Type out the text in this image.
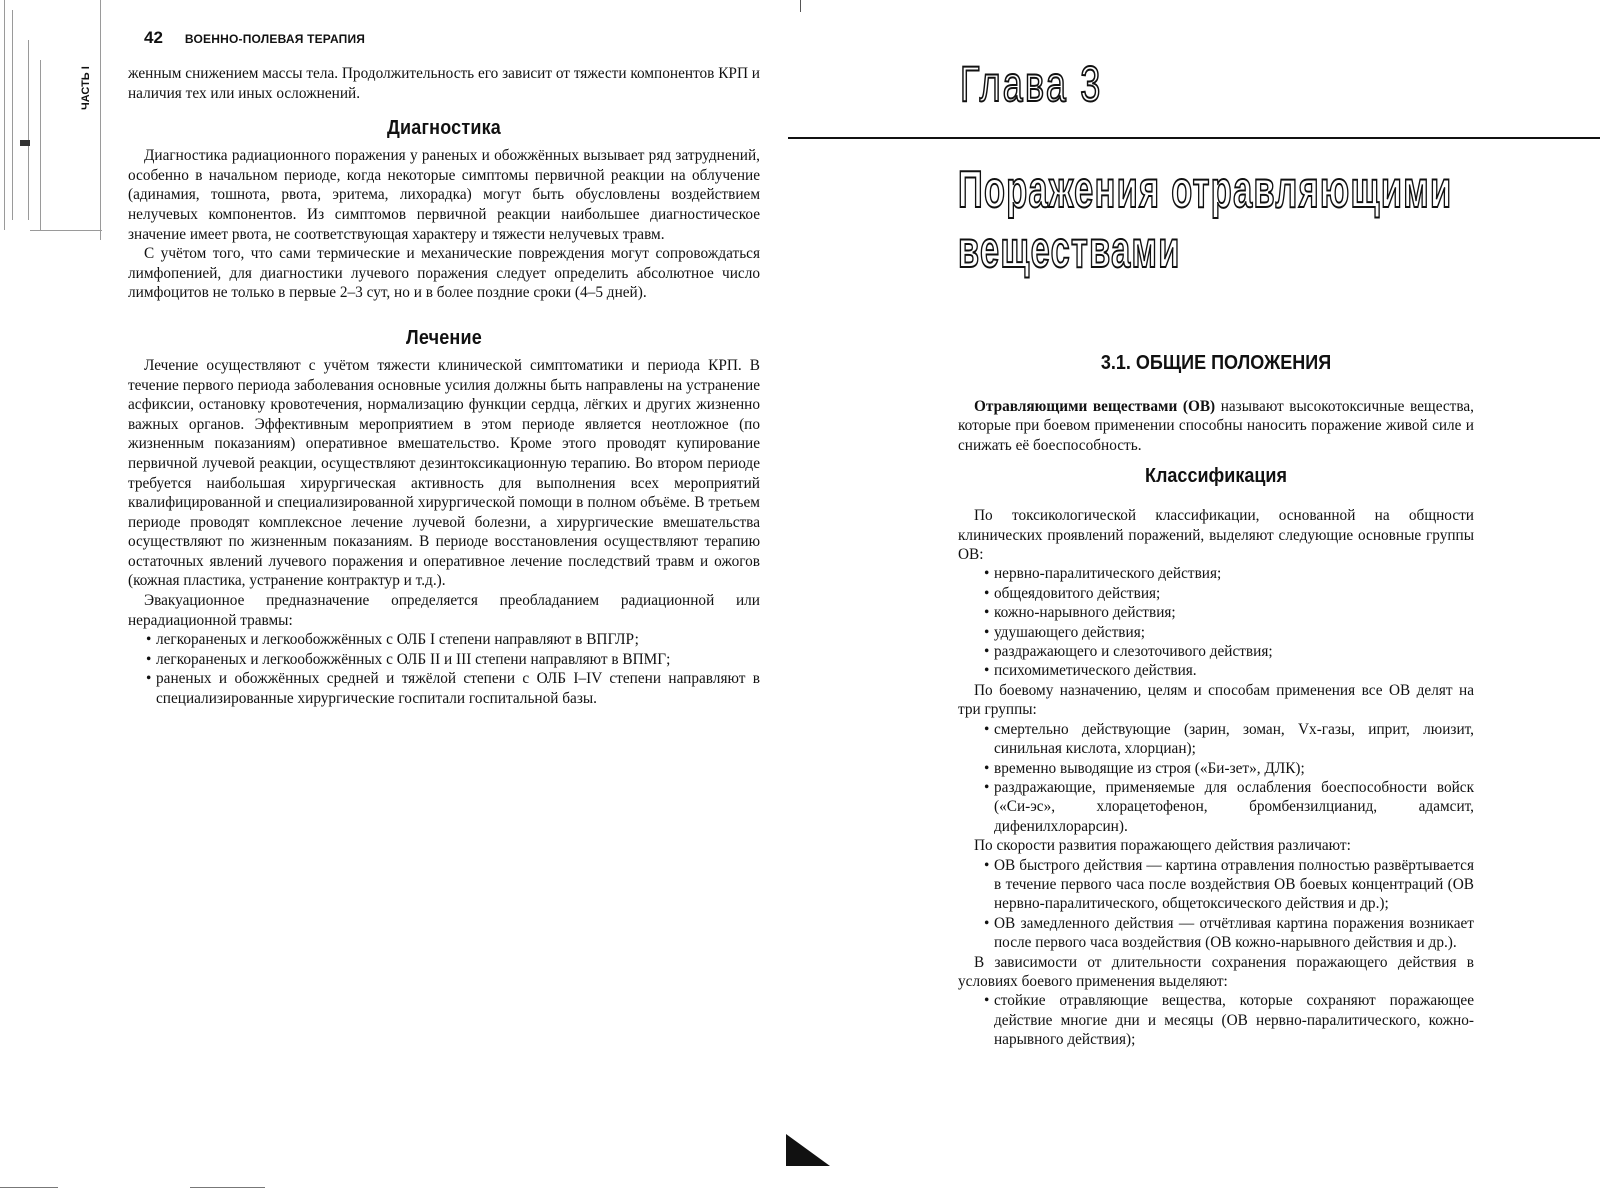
ЧАСТЬ I
42 ВОЕННО-ПОЛЕВАЯ ТЕРАПИЯ

женным снижением массы тела. Продолжительность его зависит от тяжести компонентов КРП и наличия тех или иных осложнений.

Диагностика

Диагностика радиационного поражения у раненых и обожжённых вызывает ряд затруднений, особенно в начальном периоде, когда некоторые симптомы первичной реакции на облучение (адинамия, тошнота, рвота, эритема, лихорадка) могут быть обусловлены воздействием нелучевых компонентов. Из симптомов первичной реакции наибольшее диагностическое значение имеет рвота, не соответствующая характеру и тяжести нелучевых травм.

С учётом того, что сами термические и механические повреждения могут сопровождаться лимфопенией, для диагностики лучевого поражения следует определить абсолютное число лимфоцитов не только в первые 2–3 сут, но и в более поздние сроки (4–5 дней).

Лечение

Лечение осуществляют с учётом тяжести клинической симптоматики и периода КРП. В течение первого периода заболевания основные усилия должны быть направлены на устранение асфиксии, остановку кровотечения, нормализацию функции сердца, лёгких и других жизненно важных органов. Эффективным мероприятием в этом периоде является неотложное (по жизненным показаниям) оперативное вмешательство. Кроме этого проводят купирование первичной лучевой реакции, осуществляют дезинтоксикационную терапию. Во втором периоде требуется наибольшая хирургическая активность для выполнения всех мероприятий квалифицированной и специализированной хирургической помощи в полном объёме. В третьем периоде проводят комплексное лечение лучевой болезни, а хирургические вмешательства осуществляют по жизненным показаниям. В периоде восстановления осуществляют терапию остаточных явлений лучевого поражения и оперативное лечение последствий травм и ожогов (кожная пластика, устранение контрактур и т.д.).

Эвакуационное предназначение определяется преобладанием радиационной или нерадиационной травмы:

• легкораненых и легкообожжённых с ОЛБ I степени направляют в ВПГЛР;
• легкораненых и легкообожжённых с ОЛБ II и III степени направляют в ВПМГ;
• раненых и обожжённых средней и тяжёлой степени с ОЛБ I–IV степени направляют в специализированные хирургические госпитали госпитальной базы.
Глава 3
Поражения отравляющими
веществами
3.1. ОБЩИЕ ПОЛОЖЕНИЯ

Отравляющими веществами (ОВ) называют высокотоксичные вещества, которые при боевом применении способны наносить поражение живой силе и снижать её боеспособность.

Классификация

По токсикологической классификации, основанной на общности клинических проявлений поражений, выделяют следующие основные группы ОВ:

• нервно-паралитического действия;
• общеядовитого действия;
• кожно-нарывного действия;
• удушающего действия;
• раздражающего и слезоточивого действия;
• психомиметического действия.

По боевому назначению, целям и способам применения все ОВ делят на три группы:

• смертельно действующие (зарин, зоман, Vx-газы, иприт, люизит, синильная кислота, хлорциан);
• временно выводящие из строя («Би-зет», ДЛК);
• раздражающие, применяемые для ослабления боеспособности войск («Си-эс», хлорацетофенон, бромбензилцианид, адамсит, дифенилхлорарсин).

По скорости развития поражающего действия различают:

• ОВ быстрого действия — картина отравления полностью развёртывается в течение первого часа после воздействия ОВ боевых концентраций (ОВ нервно-паралитического, общетоксического действия и др.);
• ОВ замедленного действия — отчётливая картина поражения возникает после первого часа воздействия (ОВ кожно-нарывного действия и др.).

В зависимости от длительности сохранения поражающего действия в условиях боевого применения выделяют:

• стойкие отравляющие вещества, которые сохраняют поражающее действие многие дни и месяцы (ОВ нервно-паралитического, кожно-нарывного действия);
